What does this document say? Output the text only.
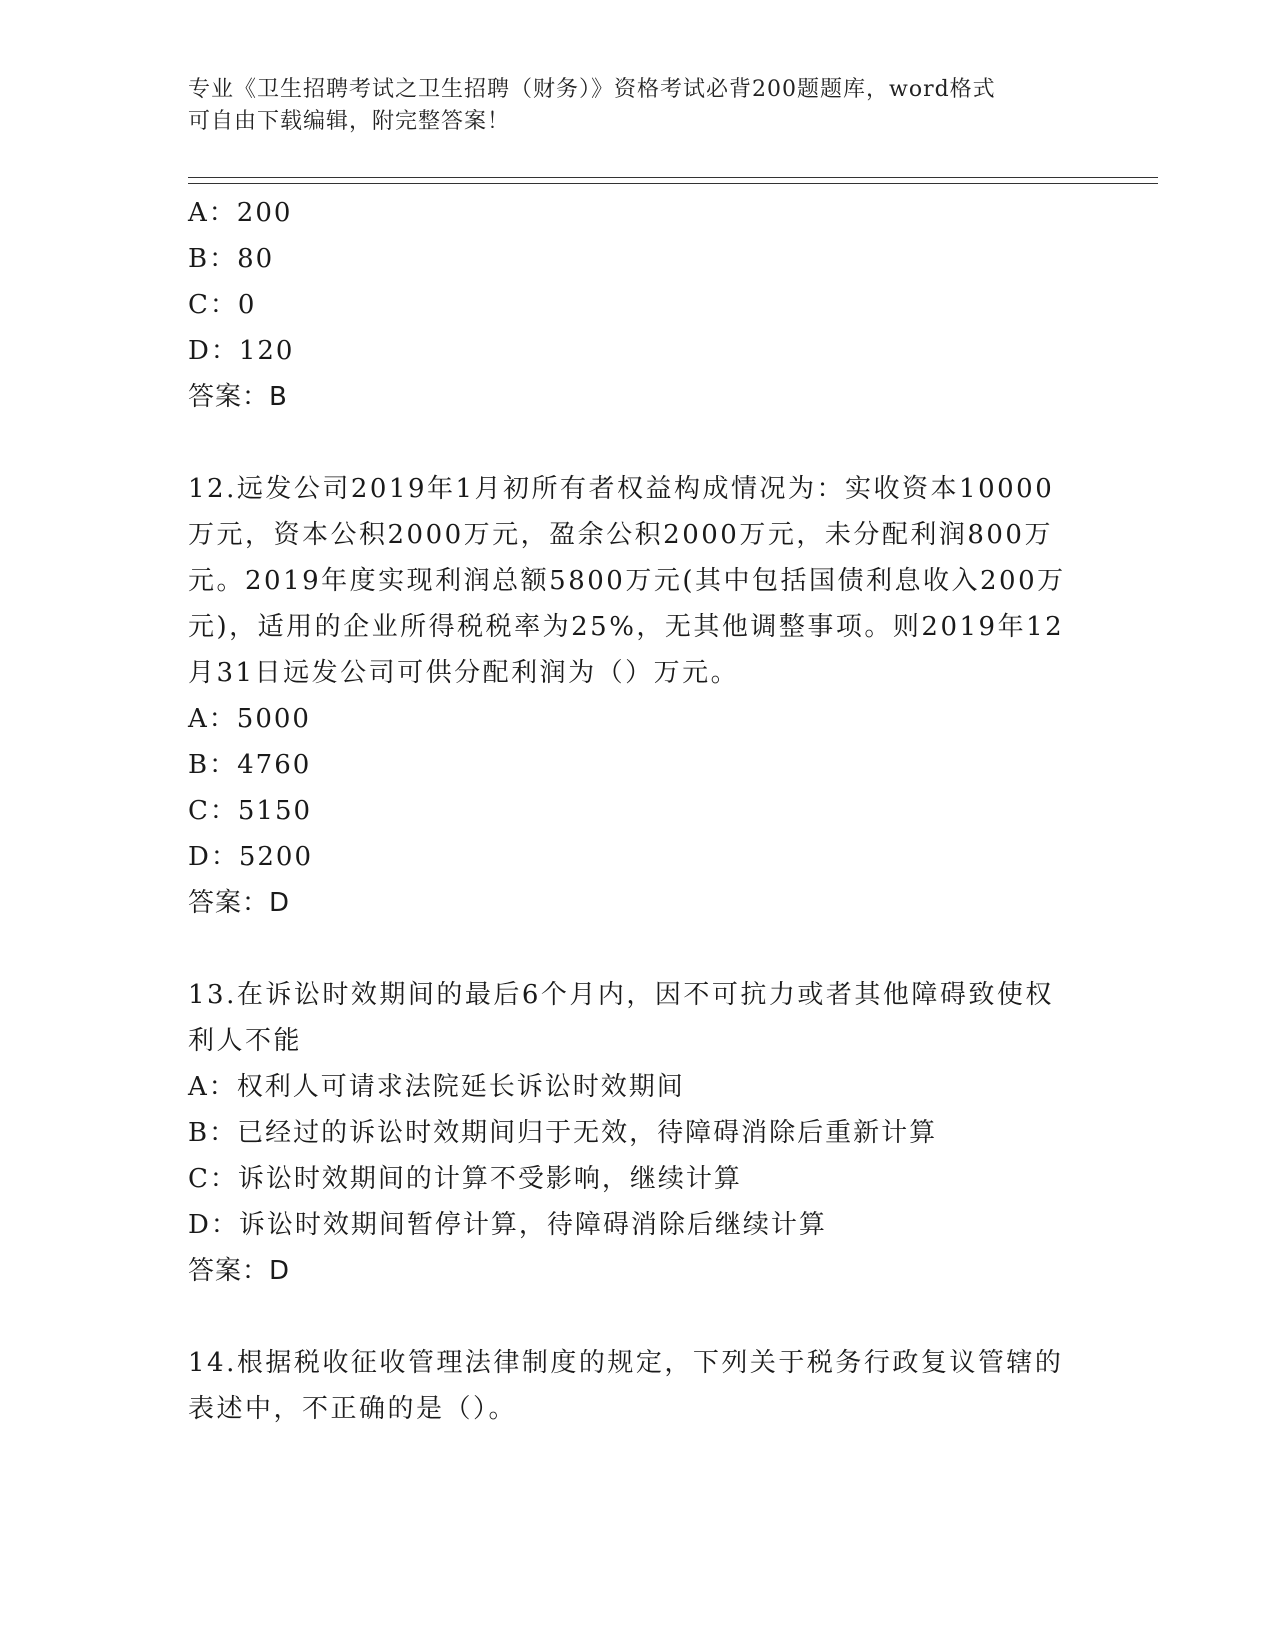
专业《卫生招聘考试之卫生招聘（财务）》资格考试必背200题题库，word格式
可自由下载编辑，附完整答案！
A：200
B：80
C：0
D：120
答案：B
12.远发公司2019年1月初所有者权益构成情况为：实收资本10000
万元，资本公积2000万元，盈余公积2000万元，未分配利润800万
元。2019年度实现利润总额5800万元(其中包括国债利息收入200万
元)，适用的企业所得税税率为25%，无其他调整事项。则2019年12
月31日远发公司可供分配利润为（）万元。
A：5000
B：4760
C：5150
D：5200
答案：D
13.在诉讼时效期间的最后6个月内，因不可抗力或者其他障碍致使权
利人不能
A：权利人可请求法院延长诉讼时效期间
B：已经过的诉讼时效期间归于无效，待障碍消除后重新计算
C：诉讼时效期间的计算不受影响，继续计算
D：诉讼时效期间暂停计算，待障碍消除后继续计算
答案：D
14.根据税收征收管理法律制度的规定，下列关于税务行政复议管辖的
表述中，不正确的是（）。
